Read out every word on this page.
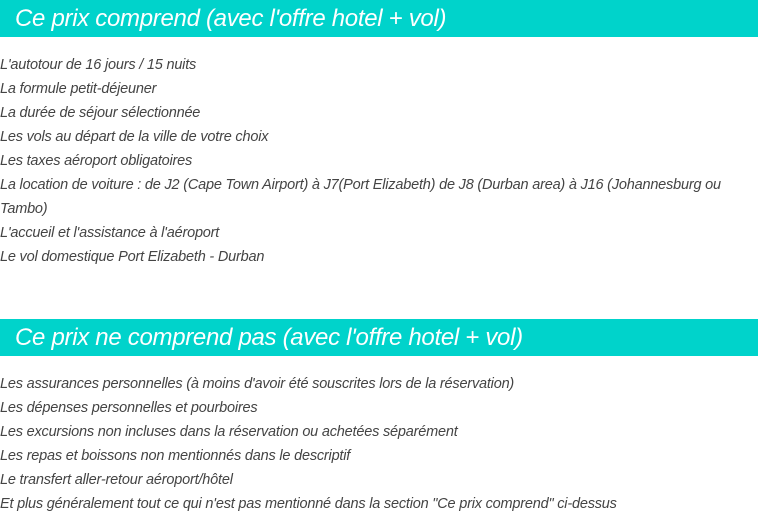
Ce prix comprend (avec l'offre hotel + vol)
L'autotour de 16 jours / 15 nuits
La formule petit-déjeuner
La durée de séjour sélectionnée
Les vols au départ de la ville de votre choix
Les taxes aéroport obligatoires
La location de voiture : de J2 (Cape Town Airport) à J7(Port Elizabeth) de J8 (Durban area) à J16 (Johannesburg ou Tambo)
L'accueil et l'assistance à l'aéroport
Le vol domestique Port Elizabeth - Durban
Ce prix ne comprend pas (avec l'offre hotel + vol)
Les assurances personnelles (à moins d'avoir été souscrites lors de la réservation)
Les dépenses personnelles et pourboires
Les excursions non incluses dans la réservation ou achetées séparément
Les repas et boissons non mentionnés dans le descriptif
Le transfert aller-retour aéroport/hôtel
Et plus généralement tout ce qui n'est pas mentionné dans la section "Ce prix comprend" ci-dessus
